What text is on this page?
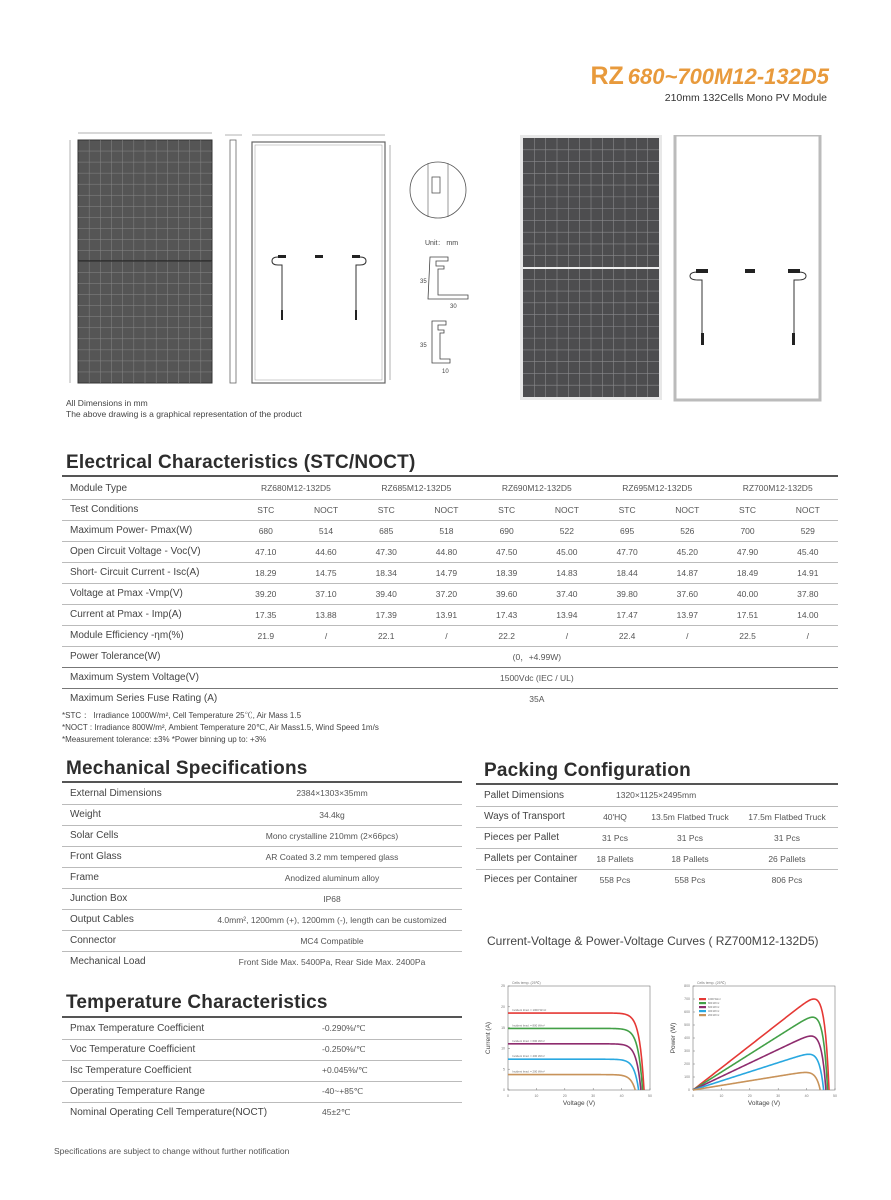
RZ 680~700M12-132D5
210mm 132Cells Mono PV Module
Unit： mm
35
30
35
10
All Dimensions in mm
The above drawing is a graphical representation of the product
Electrical Characteristics (STC/NOCT)
Module Type	RZ680M12-132D5		RZ685M12-132D5		RZ690M12-132D5		RZ695M12-132D5		RZ700M12-132D5	
Test Conditions	STC	NOCT	STC	NOCT	STC	NOCT	STC	NOCT	STC	NOCT
Maximum Power- Pmax(W)	680	514	685	518	690	522	695	526	700	529
Open Circuit Voltage - Voc(V)	47.10	44.60	47.30	44.80	47.50	45.00	47.70	45.20	47.90	45.40
Short- Circuit Current - Isc(A)	18.29	14.75	18.34	14.79	18.39	14.83	18.44	14.87	18.49	14.91
Voltage at Pmax -Vmp(V)	39.20	37.10	39.40	37.20	39.60	37.40	39.80	37.60	40.00	37.80
Current at Pmax - Imp(A)	17.35	13.88	17.39	13.91	17.43	13.94	17.47	13.97	17.51	14.00
Module Efficiency -ηm(%)	21.9	/	22.1	/	22.2	/	22.4	/	22.5	/
Power Tolerance(W)	(0，+4.99W)									
Maximum System Voltage(V)	1500Vdc (IEC / UL)									
Maximum Series Fuse Rating (A)	35A									
*STC ： Irradiance 1000W/m², Cell Temperature 25℃, Air Mass 1.5
*NOCT : Irradiance 800W/m², Ambient Temperature 20℃, Air Mass1.5, Wind Speed 1m/s
*Measurement tolerance: ±3% *Power binning up to: +3%
Mechanical Specifications
External Dimensions	2384×1303×35mm
Weight	34.4kg
Solar Cells	Mono crystalline 210mm (2×66pcs)
Front Glass	AR Coated 3.2 mm tempered glass
Frame	Anodized aluminum alloy
Junction Box	IP68
Output Cables	4.0mm², 1200mm (+), 1200mm (-), length can be customized
Connector	MC4 Compatible
Mechanical Load	Front Side Max. 5400Pa, Rear Side Max. 2400Pa
Packing Configuration
Pallet Dimensions	1320×1125×2495mm		
Ways of Transport	40'HQ	13.5m Flatbed Truck	17.5m Flatbed Truck
Pieces per Pallet	31 Pcs	31 Pcs	31 Pcs
Pallets per Container	18 Pallets	18 Pallets	26 Pallets
Pieces per Container	558 Pcs	558 Pcs	806 Pcs
Temperature Characteristics
Pmax Temperature Coefficient	-0.290%/℃
Voc Temperature Coefficient	-0.250%/℃
Isc Temperature Coefficient	+0.045%/℃
Operating Temperature Range	-40~+85℃
Nominal Operating Cell Temperature(NOCT)	45±2℃
Current-Voltage & Power-Voltage Curves ( RZ700M12-132D5)
0	10	20	30	40	50
0
5
10
15
20
25
Voltage (V)
Current (A)
Cells temp. (25℃)
Incident Irrad. = 1000 W/m²
Incident Irrad. = 800 W/m²
Incident Irrad. = 600 W/m²
Incident Irrad. = 400 W/m²
Incident Irrad. = 200 W/m²
0	10	20	30	40	50
0
100
200
300
400
500
600
700
800
Voltage (V)
Power (W)
Cells temp. (25℃)
1000 W/m²
800 W/m²
600 W/m²
400 W/m²
200 W/m²
Specifications are subject to change without further notification
